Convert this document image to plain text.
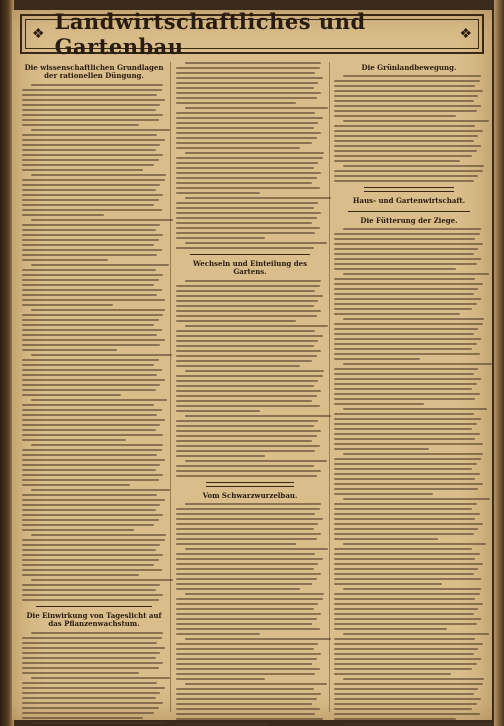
❖ Landwirtschaftliches und Gartenbau	❖
Die wissenschaftlichen Grundlagen der rationellen Düngung.
Die Einwirkung von Tageslicht auf das Pflanzenwachstum.
Wechseln und Einteilung des Gartens.
Vom Schwarzwurzelbau.
Die Grünlandbewegung.
Haus- und Gartenwirtschaft.
Die Fütterung der Ziege.
